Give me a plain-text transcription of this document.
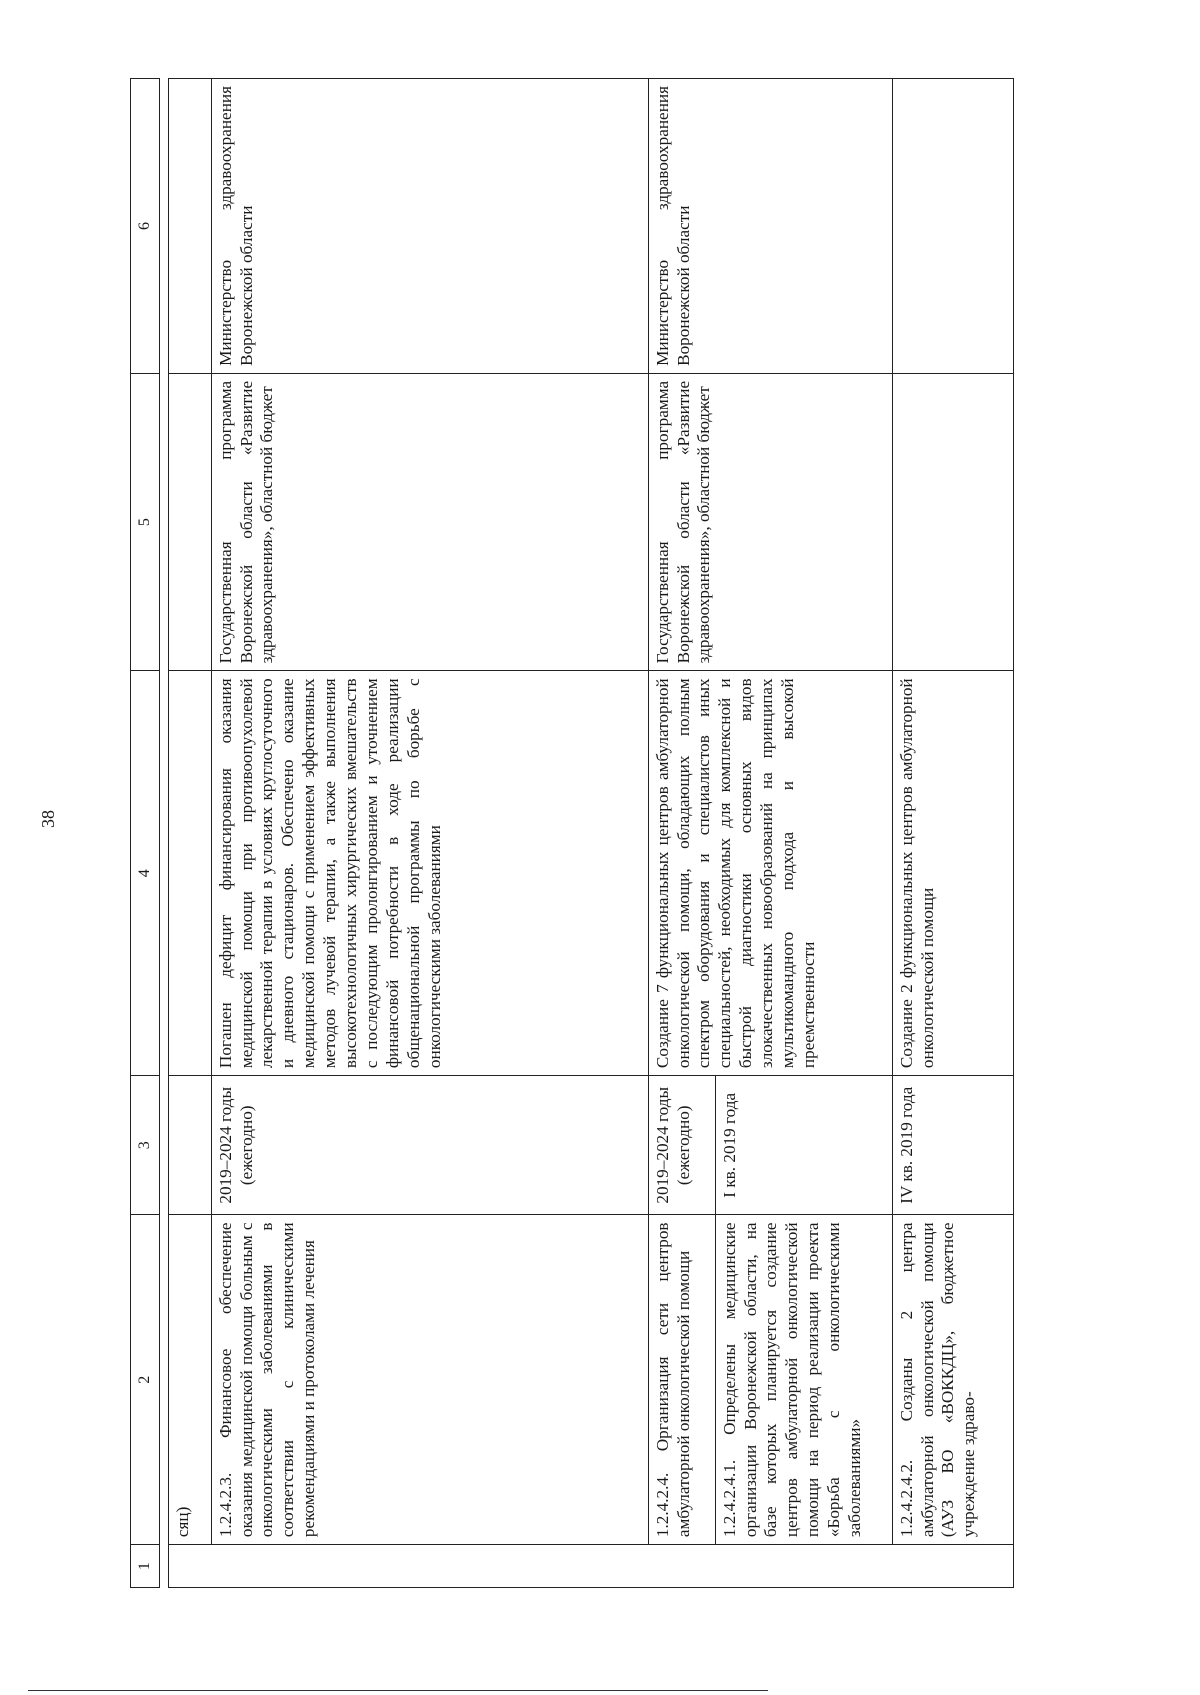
38
1	2	3	4	5	6

	сяц)				
	1.2.4.2.3. Финансовое обеспечение оказания медицинской помощи больным с онкологическими заболеваниями в соответствии с клиническими рекомендациями и протоколами лечения	2019–2024 годы (ежегодно)	Погашен дефицит финансирования оказания медицинской помощи при противоопухолевой лекарственной терапии в условиях круглосуточного и дневного стационаров. Обеспечено оказание медицинской помощи с применением эффективных методов лучевой терапии, а также выполнения высокотехнологичных хирургических вмешательств с последующим пролонгированием и уточнением финансовой потребности в ходе реализации общенациональной программы по борьбе с онкологическими заболеваниями	Государственная программа Воронежской области «Развитие здравоохранения», областной бюджет	Министерство здравоохранения Воронежской области
	1.2.4.2.4. Организация сети центров амбулаторной онкологической помощи	2019–2024 годы (ежегодно)	Создание 7 функциональных центров амбулаторной онкологической помощи, обладающих полным спектром оборудования и специалистов иных специальностей, необходимых для комплексной и быстрой диагностики основных видов злокачественных новообразований на принципах мультикомандного подхода и высокой преемственности	Государственная программа Воронежской области «Развитие здравоохранения», областной бюджет	Министерство здравоохранения Воронежской области
	1.2.4.2.4.1. Определены медицинские организации Воронежской области, на базе которых планируется создание центров амбулаторной онкологической помощи на период реализации проекта «Борьба с онкологическими заболеваниями»	I кв. 2019 года			
	1.2.4.2.4.2. Созданы 2 центра амбулаторной онкологической помощи (АУЗ ВО «ВОККДЦ», бюджетное учреждение здраво-	IV кв. 2019 года	Создание 2 функциональных центров амбулаторной онкологической помощи		
